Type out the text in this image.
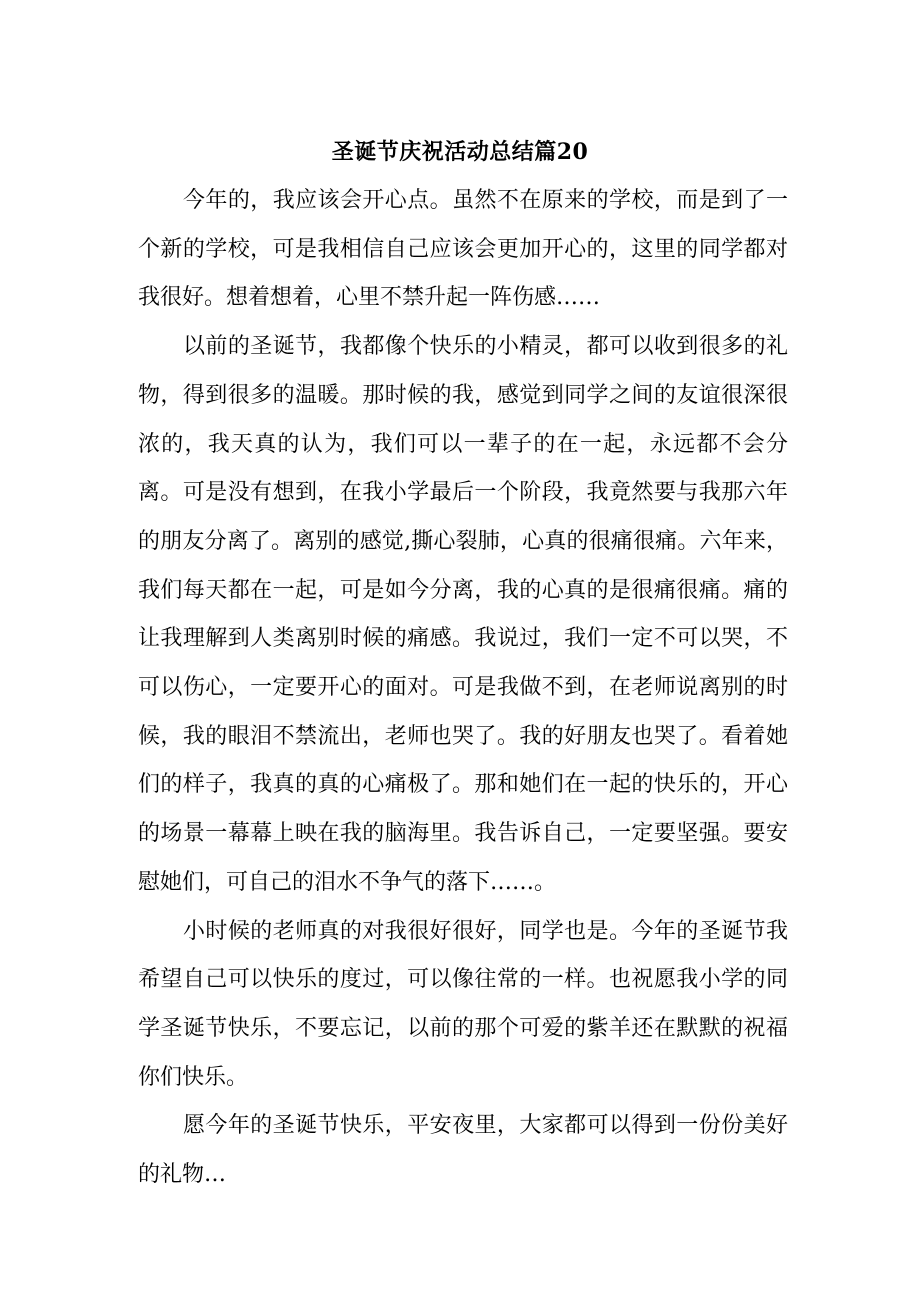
圣诞节庆祝活动总结篇20

今年的，我应该会开心点。虽然不在原来的学校，而是到了一个新的学校，可是我相信自己应该会更加开心的，这里的同学都对我很好。想着想着，心里不禁升起一阵伤感……

以前的圣诞节，我都像个快乐的小精灵，都可以收到很多的礼物，得到很多的温暖。那时候的我，感觉到同学之间的友谊很深很浓的，我天真的认为，我们可以一辈子的在一起，永远都不会分离。可是没有想到，在我小学最后一个阶段，我竟然要与我那六年的朋友分离了。离别的感觉,撕心裂肺，心真的很痛很痛。六年来，我们每天都在一起，可是如今分离，我的心真的是很痛很痛。痛的让我理解到人类离别时候的痛感。我说过，我们一定不可以哭，不可以伤心，一定要开心的面对。可是我做不到，在老师说离别的时候，我的眼泪不禁流出，老师也哭了。我的好朋友也哭了。看着她们的样子，我真的真的心痛极了。那和她们在一起的快乐的，开心的场景一幕幕上映在我的脑海里。我告诉自己，一定要坚强。要安慰她们，可自己的泪水不争气的落下……。

小时候的老师真的对我很好很好，同学也是。今年的圣诞节我希望自己可以快乐的度过，可以像往常的一样。也祝愿我小学的同学圣诞节快乐，不要忘记，以前的那个可爱的紫羊还在默默的祝福你们快乐。

愿今年的圣诞节快乐，平安夜里，大家都可以得到一份份美好的礼物…
